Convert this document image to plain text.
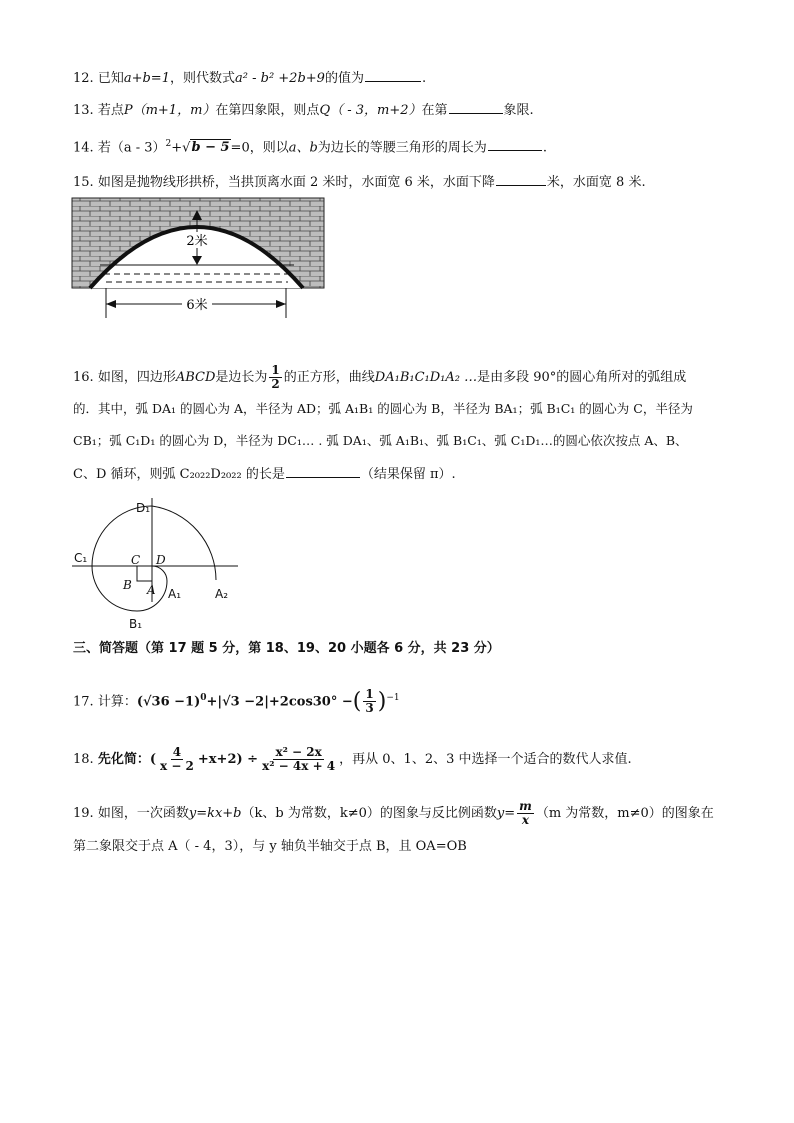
12. 已知a+b=1，则代数式a² - b² +2b+9的值为	.
13. 若点P（m+1，m）在第四象限，则点Q（ - 3，m+2）在第	象限.
14. 若（a - 3）$^2$+√b − 5=0，则以a、b为边长的等腰三角形的周长为	.
15. 如图是抛物线形拱桥，当拱顶离水面 2 米时，水面宽 6 米，水面下降	米，水面宽 8 米.
2米
6米
16. 如图，四边形ABCD是边长为 $\frac{1}{2}$ 的正方形，曲线DA₁B₁C₁D₁A₂ …是由多段 90°的圆心角所对的弧组成
的．其中，弧 DA₁ 的圆心为 A，半径为 AD；弧 A₁B₁ 的圆心为 B，半径为 BA₁；弧 B₁C₁ 的圆心为 C，半径为
CB₁；弧 C₁D₁ 的圆心为 D，半径为 DC₁… . 弧 DA₁、弧 A₁B₁、弧 B₁C₁、弧 C₁D₁…的圆心依次按点 A、B、
C、D 循环，则弧 C₂₀₂₂D₂₀₂₂ 的长是	（结果保留 π）.
D₁
C₁
B₁
A₁	A₂
C D
B A
三、简答题（第 17 题 5 分，第 18、19、20 小题各 6 分，共 23 分）
17. 计算：$(√36 -1)^0+|√3 -2|+2\cos 30^\circ$ −( $\frac{1}{3} )^{-1}$
18. 先化简：( $\frac{4}{x - 2} +x+2) \div \frac{\text{x² − 2x}}{\text{x² − 4x + 4}}$ ，再从 0、1、2、3 中选择一个适合的数代人求值.
19. 如图，一次函数y=kx+b（k、b 为常数，k≠0）的图象与反比例函数$y= \frac{m}{x} (m$ 为常数，m≠0）的图象在
第二象限交于点 A（ - 4，3），与 y 轴负半轴交于点 B，且 OA=OB
